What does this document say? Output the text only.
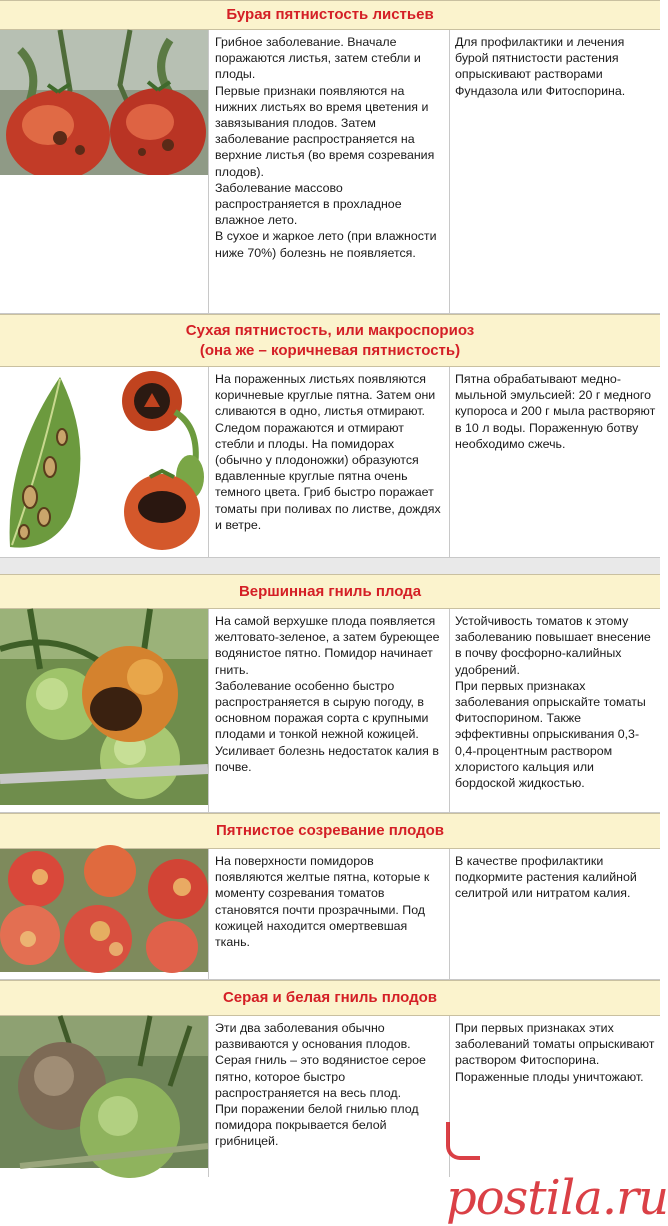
Бурая пятнистость листьев

Грибное заболевание. Вначале поражаются листья, затем стебли и плоды.

Первые признаки появляются на нижних листьях во время цветения и завязывания плодов. Затем заболевание распространяется на верхние листья (во время созревания плодов).

Заболевание массово распространяется в прохладное влажное лето.

В сухое и жаркое лето (при влажности ниже 70%) болезнь не появляется.

Для профилактики и лечения бурой пятнистости растения опрыскивают растворами Фундазола или Фитоспорина.

Сухая пятнистость, или макроспориоз
(она же – коричневая пятнистость)

На пораженных листьях появляются коричневые круглые пятна. Затем они сливаются в одно, листья отмирают. Следом поражаются и отмирают стебли и плоды. На помидорах (обычно у плодоножки) образуются вдавленные круглые пятна очень темного цвета. Гриб быстро поражает томаты при поливах по листве, дождях и ветре.

Пятна обрабатывают медно-мыльной эмульсией: 20 г медного купороса и 200 г мыла растворяют в 10 л воды. Пораженную ботву необходимо сжечь.

Вершинная гниль плода

На самой верхушке плода появляется желтовато-зеленое, а затем буреющее водянистое пятно. Помидор начинает гнить.

Заболевание особенно быстро распространяется в сырую погоду, в основном поражая сорта с крупными плодами и тонкой нежной кожицей. Усиливает болезнь недостаток калия в почве.

Устойчивость томатов к этому заболеванию повышает внесение в почву фосфорно-калийных удобрений.

При первых признаках заболевания опрыскайте томаты Фитоспорином. Также эффективны опрыскивания 0,3-0,4-процентным раствором хлористого кальция или бордоской жидкостью.

Пятнистое созревание плодов

На поверхности помидоров появляются желтые пятна, которые к моменту созревания томатов становятся почти прозрачными. Под кожицей находится омертвевшая ткань.

В качестве профилактики подкормите растения калийной селитрой или нитратом калия.

Серая и белая гниль плодов

Эти два заболевания обычно развиваются у основания плодов.

Серая гниль – это водянистое серое пятно, которое быстро распространяется на весь плод.

При поражении белой гнилью плод помидора покрывается белой грибницей.

При первых признаках этих заболеваний томаты опрыскивают раствором Фитоспорина.

Пораженные плоды уничтожают.

postila.ru
